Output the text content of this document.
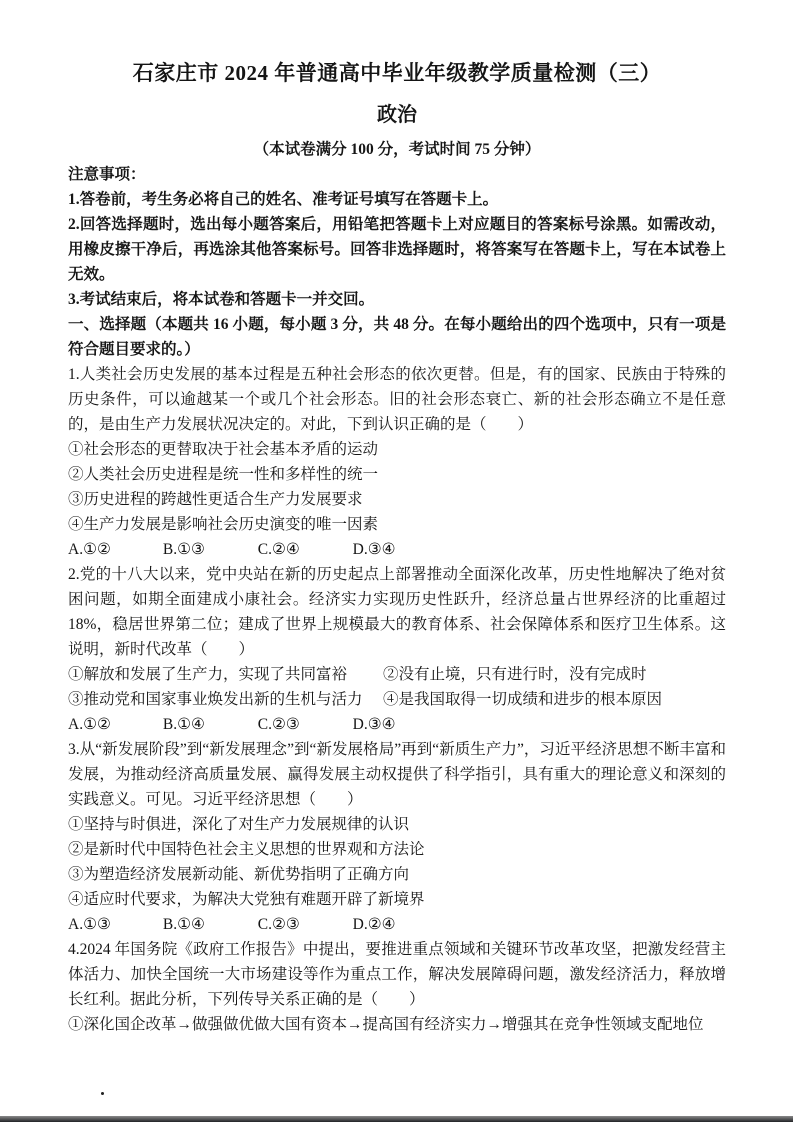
石家庄市 2024 年普通高中毕业年级教学质量检测（三）
政治

（本试卷满分 100 分，考试时间 75 分钟）

注意事项：

1.答卷前，考生务必将自己的姓名、准考证号填写在答题卡上。

2.回答选择题时，选出每小题答案后，用铅笔把答题卡上对应题目的答案标号涂黑。如需改动，用橡皮擦干净后，再选涂其他答案标号。回答非选择题时，将答案写在答题卡上，写在本试卷上无效。

3.考试结束后，将本试卷和答题卡一并交回。

一、选择题（本题共 16 小题，每小题 3 分，共 48 分。在每小题给出的四个选项中，只有一项是符合题目要求的。）

1.人类社会历史发展的基本过程是五种社会形态的依次更替。但是，有的国家、民族由于特殊的历史条件，可以逾越某一个或几个社会形态。旧的社会形态衰亡、新的社会形态确立不是任意的，是由生产力发展状况决定的。对此，下到认识正确的是（　　）

①社会形态的更替取决于社会基本矛盾的运动

②人类社会历史进程是统一性和多样性的统一

③历史进程的跨越性更适合生产力发展要求

④生产力发展是影响社会历史演变的唯一因素

A.①②	B.①③	C.②④	D.③④

2.党的十八大以来，党中央站在新的历史起点上部署推动全面深化改革，历史性地解决了绝对贫困问题，如期全面建成小康社会。经济实力实现历史性跃升，经济总量占世界经济的比重超过 18%，稳居世界第二位；建成了世界上规模最大的教育体系、社会保障体系和医疗卫生体系。这说明，新时代改革（　　）

①解放和发展了生产力，实现了共同富裕	②没有止境，只有进行时，没有完成时
③推动党和国家事业焕发出新的生机与活力	④是我国取得一切成绩和进步的根本原因

A.①②	B.①④	C.②③	D.③④

3.从“新发展阶段”到“新发展理念”到“新发展格局”再到“新质生产力”，习近平经济思想不断丰富和发展，为推动经济高质量发展、赢得发展主动权提供了科学指引，具有重大的理论意义和深刻的实践意义。可见。习近平经济思想（　　）

①坚持与时俱进，深化了对生产力发展规律的认识

②是新时代中国特色社会主义思想的世界观和方法论

③为塑造经济发展新动能、新优势指明了正确方向

④适应时代要求，为解决大党独有难题开辟了新境界

A.①③	B.①④	C.②③	D.②④

4.2024 年国务院《政府工作报告》中提出，要推进重点领域和关键环节改革攻坚，把激发经营主体活力、加快全国统一大市场建设等作为重点工作，解决发展障碍问题，激发经济活力，释放增长红利。据此分析，下列传导关系正确的是（　　）

①深化国企改革→做强做优做大国有资本→提高国有经济实力→增强其在竞争性领域支配地位
